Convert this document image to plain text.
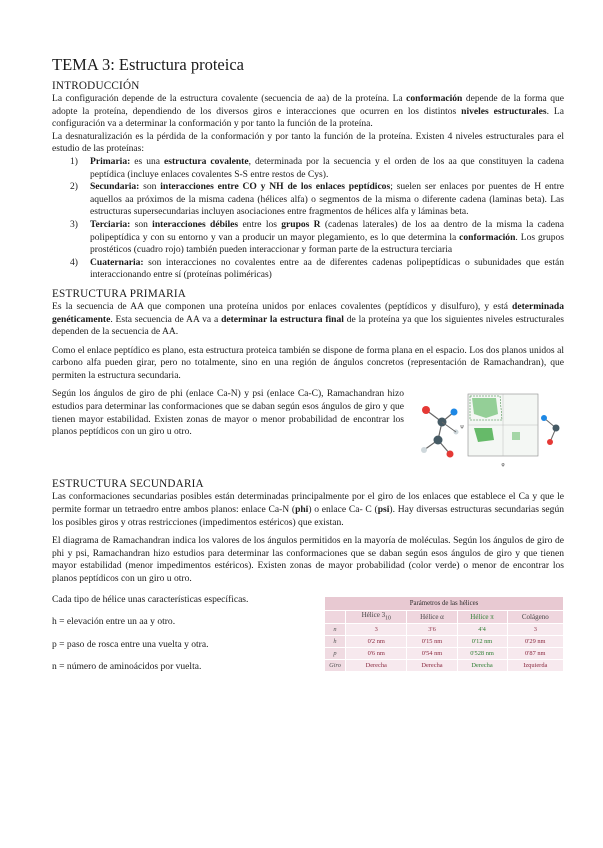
TEMA 3: Estructura proteica
INTRODUCCIÓN

La configuración depende de la estructura covalente (secuencia de aa) de la proteína. La conformación depende de la forma que adopte la proteína, dependiendo de los diversos giros e interacciones que ocurren en los distintos niveles estructurales. La configuración va a determinar la conformación y por tanto la función de la proteína.

La desnaturalización es la pérdida de la conformación y por tanto la función de la proteína. Existen 4 niveles estructurales para el estudio de las proteínas:

1) Primaria: es una estructura covalente, determinada por la secuencia y el orden de los aa que constituyen la cadena peptídica (incluye enlaces covalentes S-S entre restos de Cys).
2) Secundaria: son interacciones entre CO y NH de los enlaces peptídicos; suelen ser enlaces por puentes de H entre aquellos aa próximos de la misma cadena (hélices alfa) o segmentos de la misma o diferente cadena (laminas beta). Las estructuras supersecundarias incluyen asociaciones entre fragmentos de hélices alfa y láminas beta.
3) Terciaria: son interacciones débiles entre los grupos R (cadenas laterales) de los aa dentro de la misma la cadena polipeptídica y con su entorno y van a producir un mayor plegamiento, es lo que determina la conformación. Los grupos prostéticos (cuadro rojo) también pueden interaccionar y forman parte de la estructura terciaria
4) Cuaternaria: son interacciones no covalentes entre aa de diferentes cadenas polipeptídicas o subunidades que están interaccionando entre sí (proteínas poliméricas)
ESTRUCTURA PRIMARIA

Es la secuencia de AA que componen una proteína unidos por enlaces covalentes (peptídicos y disulfuro), y está determinada genéticamente. Esta secuencia de AA va a determinar la estructura final de la proteína ya que los siguientes niveles estructurales dependen de la secuencia de AA.

Como el enlace peptídico es plano, esta estructura proteica también se dispone de forma plana en el espacio. Los dos planos unidos al carbono alfa pueden girar, pero no totalmente, sino en una región de ángulos concretos (representación de Ramachandran), que permiten la estructura secundaria.

Según los ángulos de giro de phi (enlace Ca-N) y psi (enlace Ca-C), Ramachandran hizo estudios para determinar las conformaciones que se daban según esos ángulos de giro y que tienen mayor estabilidad. Existen zonas de mayor o menor probabilidad de encontrar los planos peptídicos con un giro u otro.

φ
ψ
ESTRUCTURA SECUNDARIA

Las conformaciones secundarias posibles están determinadas principalmente por el giro de los enlaces que establece el Ca y que le permite formar un tetraedro entre ambos planos: enlace Ca-N (phi) o enlace Ca- C (psi). Hay diversas estructuras secundarias según los posibles giros y otras restricciones (impedimentos estéricos) que existan.

El diagrama de Ramachandran indica los valores de los ángulos permitidos en la mayoría de moléculas. Según los ángulos de giro de phi y psi, Ramachandran hizo estudios para determinar las conformaciones que se daban según esos ángulos de giro y que tienen mayor estabilidad (menor impedimentos estéricos). Existen zonas de mayor probabilidad (color verde) o menor de encontrar los planos peptídicos con un giro u otro.

Cada tipo de hélice unas características específicas.

h = elevación entre un aa y otro.

p = paso de rosca entre una vuelta y otra.

n = número de aminoácidos por vuelta.

Parámetros de las hélices				
	Hélice $3_{10}$	Hélice α	Hélice π	Colágeno
n	3	3'6	4'4	3
h	0'2 nm	0'15 nm	0'12 nm	0'29 nm
p	0'6 nm	0'54 nm	0'528 nm	0'87 nm
Giro	Derecha	Derecha	Derecha	Izquierda
